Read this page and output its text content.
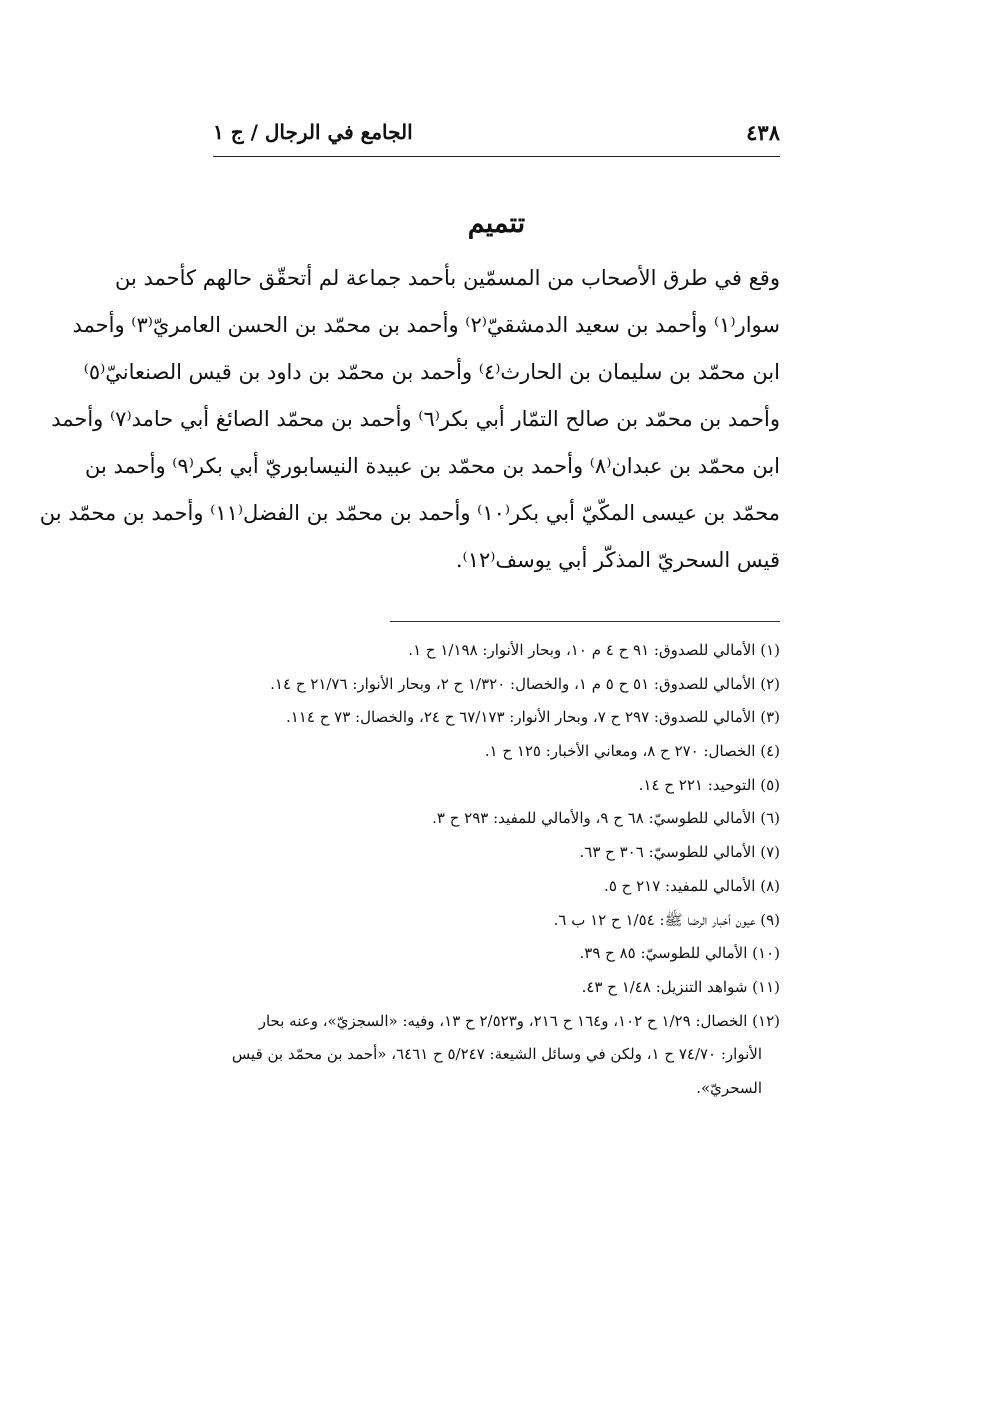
٤٣٨
الجامع في الرجال / ج ١
تتميم
وقع في طرق الأصحاب من المسمّين بأحمد جماعة لم أتحقّق حالهم كأحمد بن
سوار⁽١⁾ وأحمد بن سعيد الدمشقيّ⁽٢⁾ وأحمد بن محمّد بن الحسن العامريّ⁽٣⁾ وأحمد
ابن محمّد بن سليمان بن الحارث⁽٤⁾ وأحمد بن محمّد بن داود بن قيس الصنعانيّ⁽٥⁾
وأحمد بن محمّد بن صالح التمّار أبي بكر⁽٦⁾ وأحمد بن محمّد الصائغ أبي حامد⁽٧⁾ وأحمد
ابن محمّد بن عبدان⁽٨⁾ وأحمد بن محمّد بن عبيدة النيسابوريّ أبي بكر⁽٩⁾ وأحمد بن
محمّد بن عيسى المكّيّ أبي بكر⁽١٠⁾ وأحمد بن محمّد بن الفضل⁽١١⁾ وأحمد بن محمّد بن
قيس السحريّ المذكّر أبي يوسف⁽١٢⁾.
(١) الأمالي للصدوق: ٩١ ح ٤ م ١٠، وبحار الأنوار: ١/١٩٨ ح ١.
(٢) الأمالي للصدوق: ٥١ ح ٥ م ١، والخصال: ١/٣٢٠ ح ٢، وبحار الأنوار: ٢١/٧٦ ح ١٤.
(٣) الأمالي للصدوق: ٢٩٧ ح ٧، وبحار الأنوار: ٦٧/١٧٣ ح ٢٤، والخصال: ٧٣ ح ١١٤.
(٤) الخصال: ٢٧٠ ح ٨، ومعاني الأخبار: ١٢٥ ح ١.
(٥) التوحيد: ٢٢١ ح ١٤.
(٦) الأمالي للطوسيّ: ٦٨ ح ٩، والأمالي للمفيد: ٢٩٣ ح ٣.
(٧) الأمالي للطوسيّ: ٣٠٦ ح ٦٣.
(٨) الأمالي للمفيد: ٢١٧ ح ٥.
(٩) عيون أخبار الرضا ﷺ: ١/٥٤ ح ١٢ ب ٦.
(١٠) الأمالي للطوسيّ: ٨٥ ح ٣٩.
(١١) شواهد التنزيل: ١/٤٨ ح ٤٣.
(١٢) الخصال: ١/٢٩ ح ١٠٢، و١٦٤ ح ٢١٦، و٢/٥٢٣ ح ١٣، وفيه: «السجزيّ»، وعنه بحار
الأنوار: ٧٤/٧٠ ح ١، ولكن في وسائل الشيعة: ٥/٢٤٧ ح ٦٤٦١، «أحمد بن محمّد بن قيس
السحريّ».
